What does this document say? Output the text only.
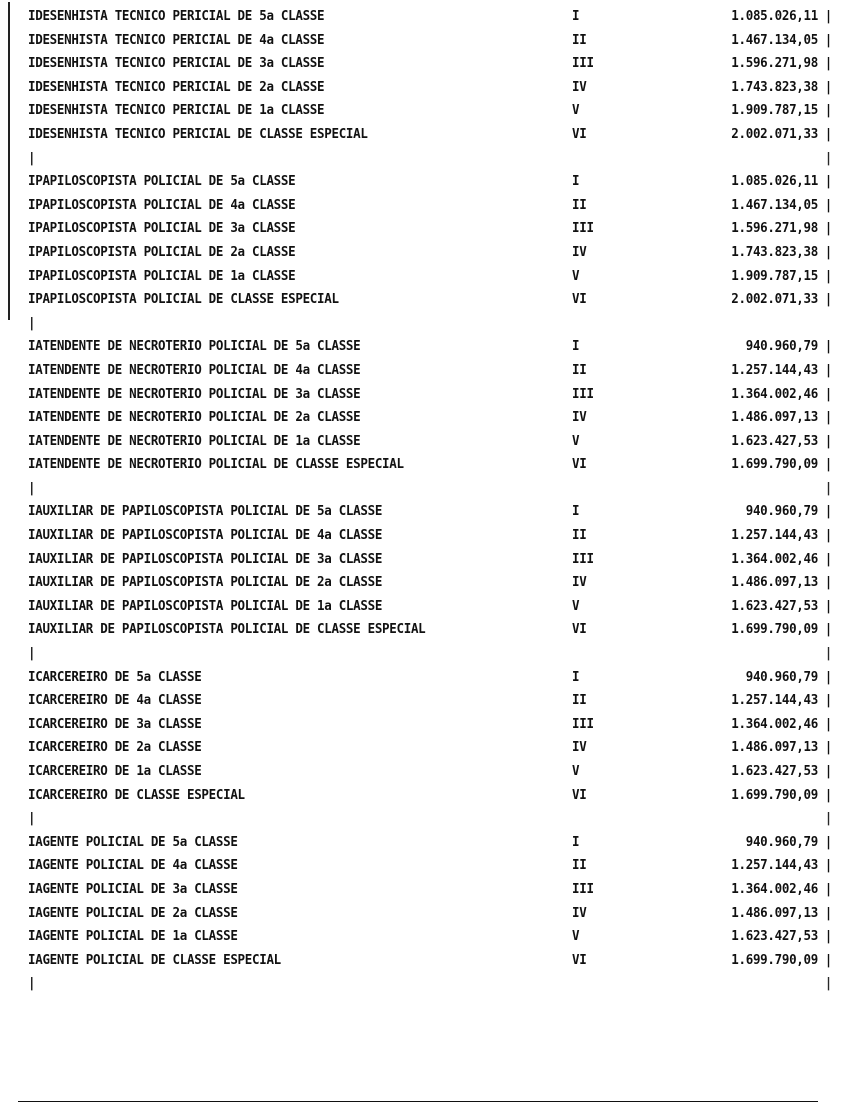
IDESENHISTA TECNICO PERICIAL DE 5a CLASSE	I	1.085.026,11 |
IDESENHISTA TECNICO PERICIAL DE 4a CLASSE	II	1.467.134,05 |
IDESENHISTA TECNICO PERICIAL DE 3a CLASSE	III	1.596.271,98 |
IDESENHISTA TECNICO PERICIAL DE 2a CLASSE	IV	1.743.823,38 |
IDESENHISTA TECNICO PERICIAL DE 1a CLASSE	V	1.909.787,15 |
IDESENHISTA TECNICO PERICIAL DE CLASSE ESPECIAL	VI	2.002.071,33 |
|	|
IPAPILOSCOPISTA POLICIAL DE 5a CLASSE	I	1.085.026,11 |
IPAPILOSCOPISTA POLICIAL DE 4a CLASSE	II	1.467.134,05 |
IPAPILOSCOPISTA POLICIAL DE 3a CLASSE	III	1.596.271,98 |
IPAPILOSCOPISTA POLICIAL DE 2a CLASSE	IV	1.743.823,38 |
IPAPILOSCOPISTA POLICIAL DE 1a CLASSE	V	1.909.787,15 |
IPAPILOSCOPISTA POLICIAL DE CLASSE ESPECIAL	VI	2.002.071,33 |
|
IATENDENTE DE NECROTERIO POLICIAL DE 5a CLASSE	I	940.960,79 |
IATENDENTE DE NECROTERIO POLICIAL DE 4a CLASSE	II	1.257.144,43 |
IATENDENTE DE NECROTERIO POLICIAL DE 3a CLASSE	III	1.364.002,46 |
IATENDENTE DE NECROTERIO POLICIAL DE 2a CLASSE	IV	1.486.097,13 |
IATENDENTE DE NECROTERIO POLICIAL DE 1a CLASSE	V	1.623.427,53 |
IATENDENTE DE NECROTERIO POLICIAL DE CLASSE ESPECIAL	VI	1.699.790,09 |
|	|
IAUXILIAR DE PAPILOSCOPISTA POLICIAL DE 5a CLASSE	I	940.960,79 |
IAUXILIAR DE PAPILOSCOPISTA POLICIAL DE 4a CLASSE	II	1.257.144,43 |
IAUXILIAR DE PAPILOSCOPISTA POLICIAL DE 3a CLASSE	III	1.364.002,46 |
IAUXILIAR DE PAPILOSCOPISTA POLICIAL DE 2a CLASSE	IV	1.486.097,13 |
IAUXILIAR DE PAPILOSCOPISTA POLICIAL DE 1a CLASSE	V	1.623.427,53 |
IAUXILIAR DE PAPILOSCOPISTA POLICIAL DE CLASSE ESPECIAL	VI	1.699.790,09 |
|	|
ICARCEREIRO DE 5a CLASSE	I	940.960,79 |
ICARCEREIRO DE 4a CLASSE	II	1.257.144,43 |
ICARCEREIRO DE 3a CLASSE	III	1.364.002,46 |
ICARCEREIRO DE 2a CLASSE	IV	1.486.097,13 |
ICARCEREIRO DE 1a CLASSE	V	1.623.427,53 |
ICARCEREIRO DE CLASSE ESPECIAL	VI	1.699.790,09 |
|	|
IAGENTE POLICIAL DE 5a CLASSE	I	940.960,79 |
IAGENTE POLICIAL DE 4a CLASSE	II	1.257.144,43 |
IAGENTE POLICIAL DE 3a CLASSE	III	1.364.002,46 |
IAGENTE POLICIAL DE 2a CLASSE	IV	1.486.097,13 |
IAGENTE POLICIAL DE 1a CLASSE	V	1.623.427,53 |
IAGENTE POLICIAL DE CLASSE ESPECIAL	VI	1.699.790,09 |
|	|
